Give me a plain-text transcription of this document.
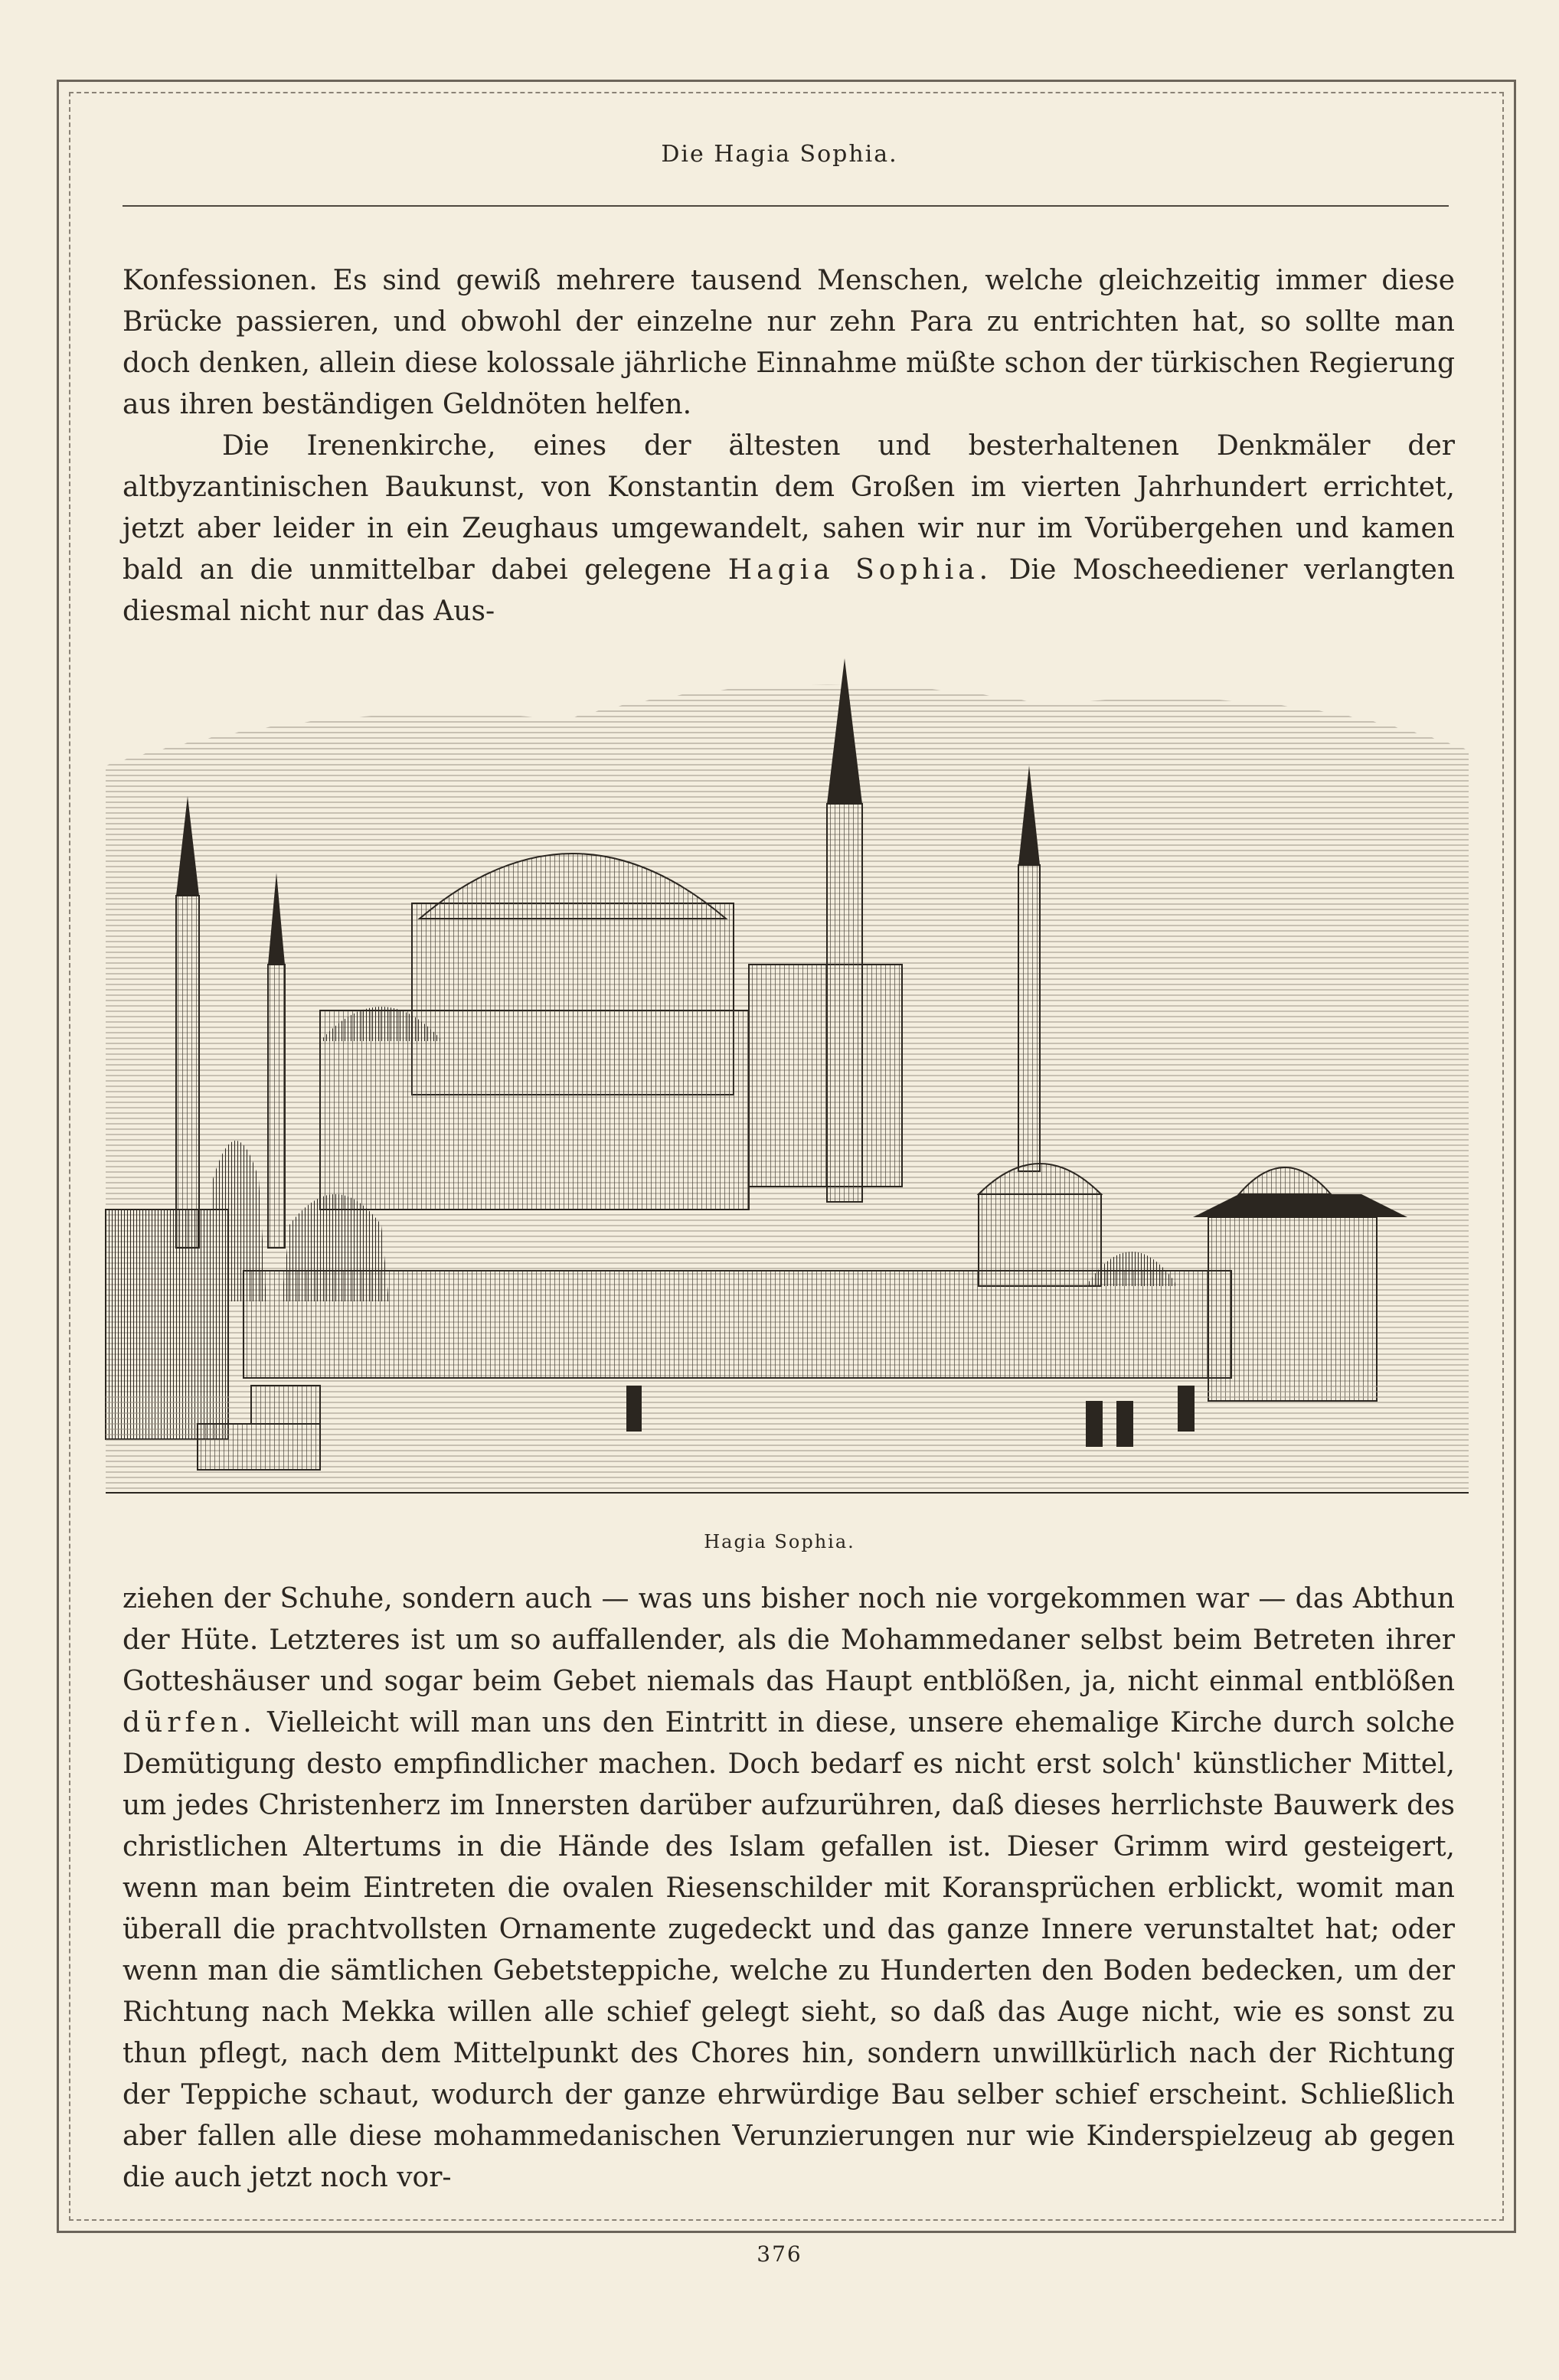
Die Hagia Sophia.

Konfessionen. Es sind gewiß mehrere tausend Menschen, welche gleichzeitig immer diese Brücke passieren, und obwohl der einzelne nur zehn Para zu entrichten hat, so sollte man doch denken, allein diese kolossale jährliche Einnahme müßte schon der türkischen Regierung aus ihren beständigen Geldnöten helfen.

Die Irenenkirche, eines der ältesten und besterhaltenen Denkmäler der altbyzantinischen Baukunst, von Konstantin dem Großen im vierten Jahrhundert errichtet, jetzt aber leider in ein Zeughaus umgewandelt, sahen wir nur im Vorübergehen und kamen bald an die unmittelbar dabei gelegene Hagia Sophia. Die Moscheediener verlangten diesmal nicht nur das Aus-

Hagia Sophia.

ziehen der Schuhe, sondern auch — was uns bisher noch nie vorgekommen war — das Abthun der Hüte. Letzteres ist um so auffallender, als die Mohammedaner selbst beim Betreten ihrer Gotteshäuser und sogar beim Gebet niemals das Haupt entblößen, ja, nicht einmal entblößen dürfen. Vielleicht will man uns den Eintritt in diese, unsere ehemalige Kirche durch solche Demütigung desto empfindlicher machen. Doch bedarf es nicht erst solch' künstlicher Mittel, um jedes Christenherz im Innersten darüber aufzurühren, daß dieses herrlichste Bauwerk des christlichen Altertums in die Hände des Islam gefallen ist. Dieser Grimm wird gesteigert, wenn man beim Eintreten die ovalen Riesenschilder mit Koransprüchen erblickt, womit man überall die prachtvollsten Ornamente zugedeckt und das ganze Innere verunstaltet hat; oder wenn man die sämtlichen Gebetsteppiche, welche zu Hunderten den Boden bedecken, um der Richtung nach Mekka willen alle schief gelegt sieht, so daß das Auge nicht, wie es sonst zu thun pflegt, nach dem Mittelpunkt des Chores hin, sondern unwillkürlich nach der Richtung der Teppiche schaut, wodurch der ganze ehrwürdige Bau selber schief erscheint. Schließlich aber fallen alle diese mohammedanischen Verunzierungen nur wie Kinderspielzeug ab gegen die auch jetzt noch vor-

376
